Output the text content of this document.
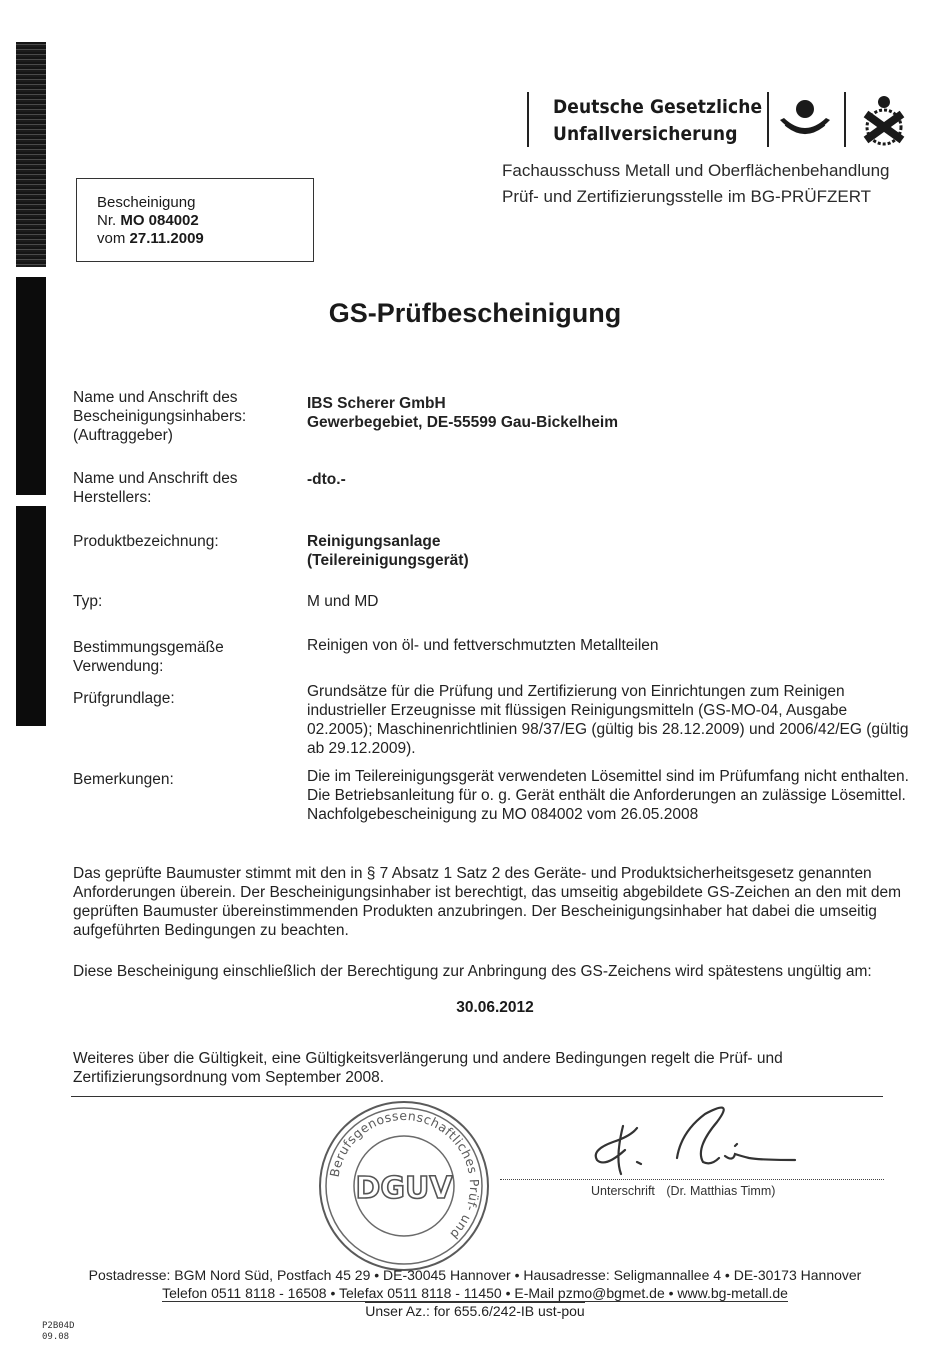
Deutsche Gesetzliche
Unfallversicherung
Fachausschuss Metall und Oberflächenbehandlung
Prüf- und Zertifizierungsstelle im BG-PRÜFZERT
Bescheinigung
Nr. MO 084002
vom 27.11.2009
GS-Prüfbescheinigung
Name und Anschrift des Bescheinigungsinhabers: (Auftraggeber)
IBS Scherer GmbH
Gewerbegebiet, DE-55599 Gau-Bickelheim
Name und Anschrift des Herstellers:
-dto.-
Produktbezeichnung:	Reinigungsanlage
(Teilereinigungsgerät)
Typ:	M und MD
Bestimmungsgemäße Verwendung:
Reinigen von öl- und fettverschmutzten Metallteilen
Prüfgrundlage:	Grundsätze für die Prüfung und Zertifizierung von Einrichtungen zum Reinigen industrieller Erzeugnisse mit flüssigen Reinigungsmitteln (GS-MO-04, Ausgabe 02.2005); Maschinenrichtlinien 98/37/EG (gültig bis 28.12.2009) und 2006/42/EG (gültig ab 29.12.2009).
Bemerkungen:	Die im Teilereinigungsgerät verwendeten Lösemittel sind im Prüfumfang nicht enthalten. Die Betriebsanleitung für o. g. Gerät enthält die Anforderungen an zulässige Lösemittel.
Nachfolgebescheinigung zu MO 084002 vom 26.05.2008
Das geprüfte Baumuster stimmt mit den in § 7 Absatz 1 Satz 2 des Geräte- und Produktsicherheitsgesetz genannten Anforderungen überein. Der Bescheinigungsinhaber ist berechtigt, das umseitig abgebildete GS-Zeichen an den mit dem geprüften Baumuster übereinstimmenden Produkten anzubringen. Der Bescheinigungsinhaber hat dabei die umseitig aufgeführten Bedingungen zu beachten.
Diese Bescheinigung einschließlich der Berechtigung zur Anbringung des GS-Zeichens wird spätestens ungültig am:
30.06.2012
Weiteres über die Gültigkeit, eine Gültigkeitsverlängerung und andere Bedingungen regelt die Prüf- und Zertifizierungsordnung vom September 2008.
Berufsgenossenschaftliches Prüf- und
DGUV	Unterschrift (Dr. Matthias Timm)
Postadresse: BGM Nord Süd, Postfach 45 29 • DE-30045 Hannover • Hausadresse: Seligmannallee 4 • DE-30173 Hannover
Telefon 0511 8118 - 16508 • Telefax 0511 8118 - 11450 • E-Mail pzmo@bgmet.de • www.bg-metall.de
Unser Az.: for 655.6/242-IB ust-pou
P2B04D
09.08
